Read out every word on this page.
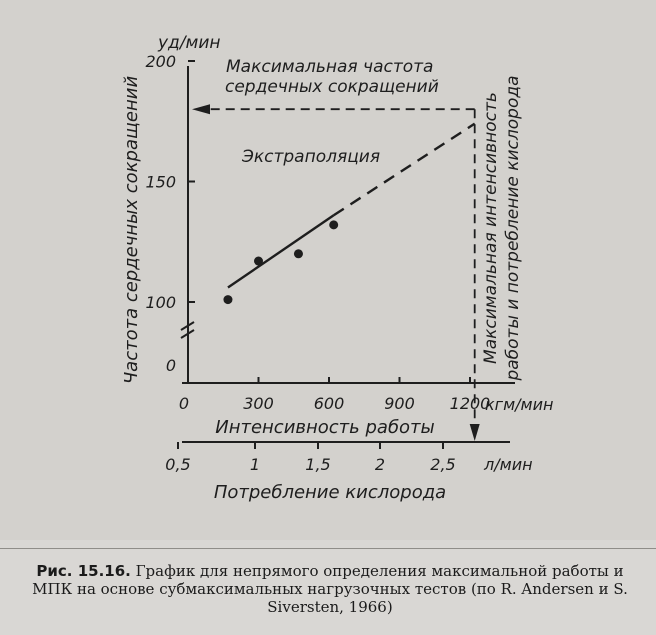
0
100
150
200
0	300 600 900 1200
0,5	1	1,5	2	2,5
уд/мин
кгм/мин
л/мин
Частота сердечных сокращений
Интенсивность работы
Потребление кислорода
Максимальная частота
сердечных сокращений
Экстраполяция	Максимальная интенсивность работы и потребление кислорода
Рис. 15.16. График для непрямого определения максимальной работы и МПК на основе субмаксимальных нагрузочных тестов (по R. Andersen и S. Siversten, 1966)
